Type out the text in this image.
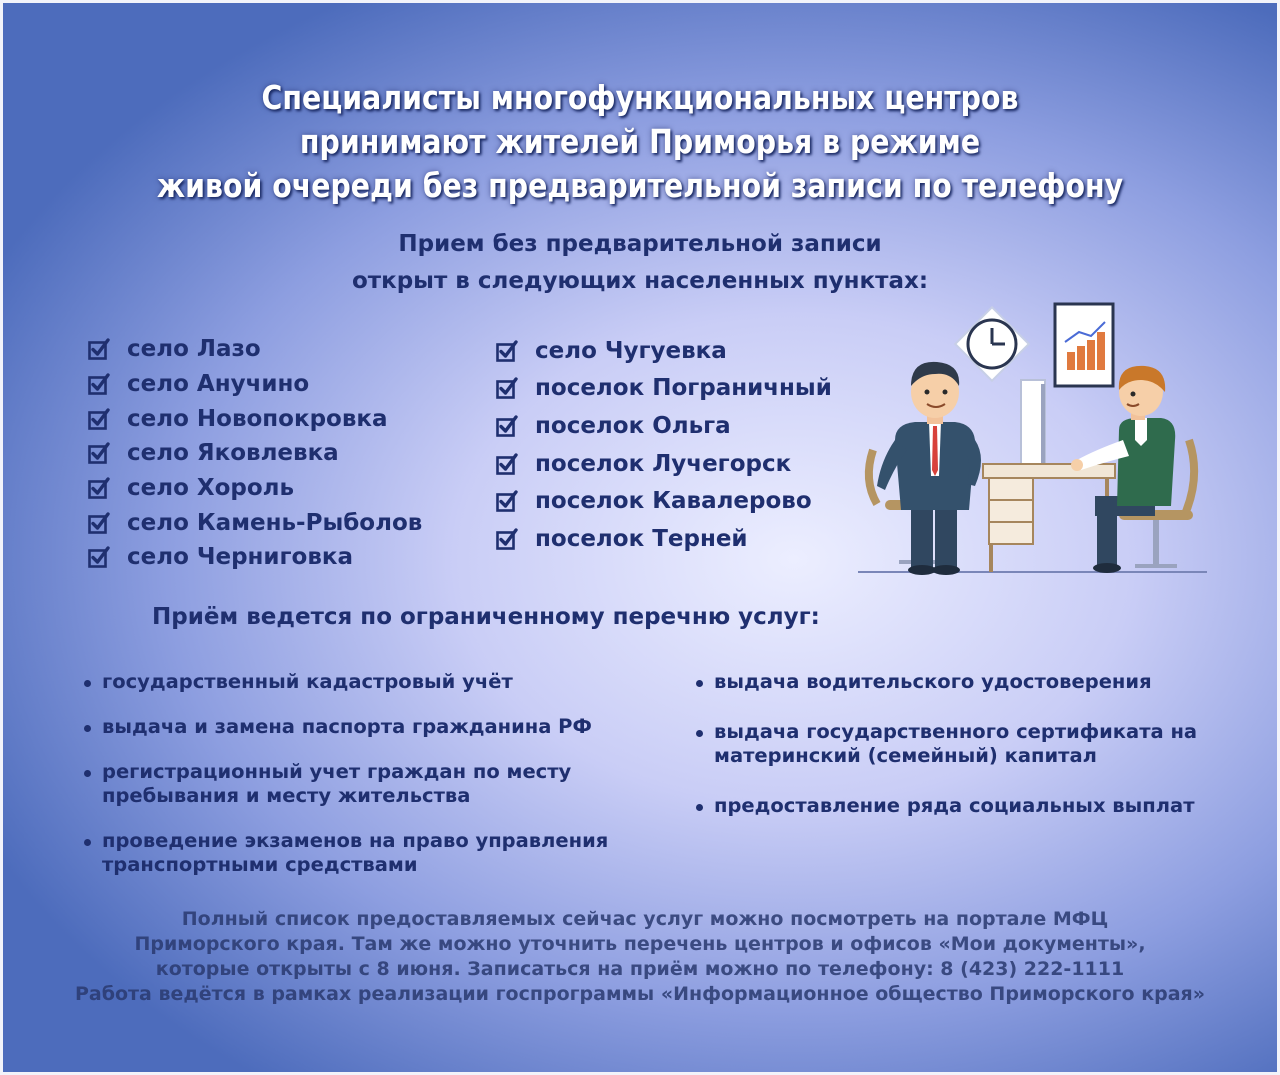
Специалисты многофункциональных центров
принимают жителей Приморья в режиме
живой очереди без предварительной записи по телефону
Прием без предварительной записи
открыт в следующих населенных пунктах:
село Лазо
село Анучино
село Новопокровка
село Яковлевка
село Хороль
село Камень-Рыболов
село Черниговка
село Чугуевка
поселок Пограничный
поселок Ольга
поселок Лучегорск
поселок Кавалерово
поселок Терней
Приём ведется по ограниченному перечню услуг:
государственный кадастровый учёт
выдача и замена паспорта гражданина РФ
регистрационный учет граждан по месту
пребывания и месту жительства
проведение экзаменов на право управления
транспортными средствами
выдача водительского удостоверения
выдача государственного сертификата на
материнский (семейный) капитал
предоставление ряда социальных выплат
Полный список предоставляемых сейчас услуг можно посмотреть на портале МФЦ
Приморского края. Там же можно уточнить перечень центров и офисов «Мои документы»,
которые открыты с 8 июня. Записаться на приём можно по телефону: 8 (423) 222-1111
Работа ведётся в рамках реализации госпрограммы «Информационное общество Приморского края»
